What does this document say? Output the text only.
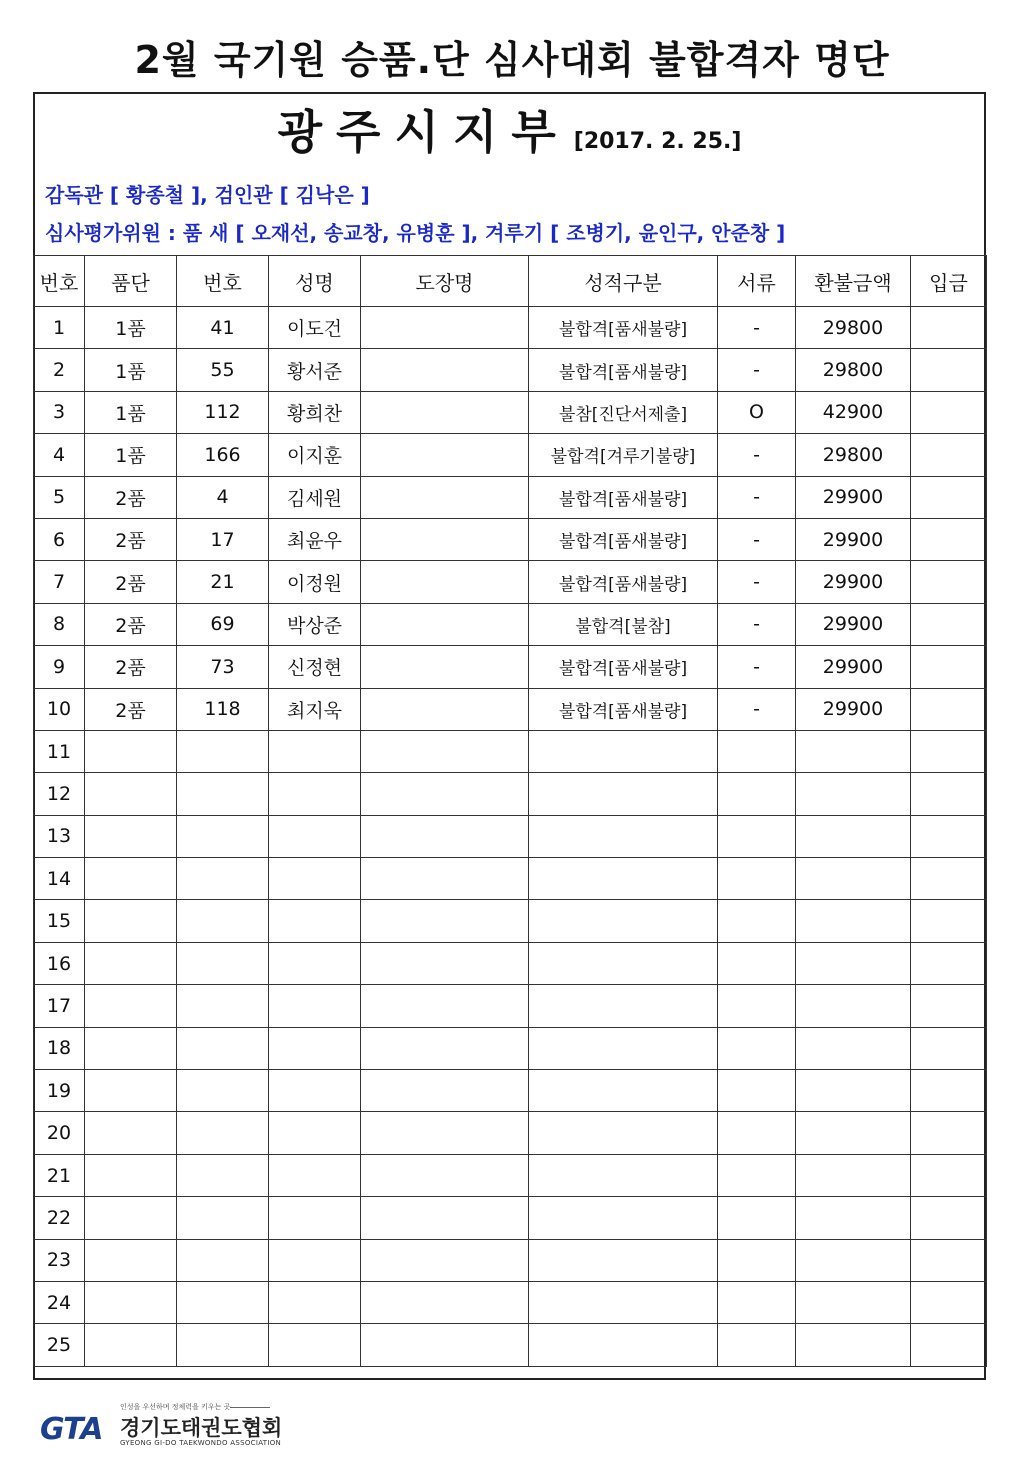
2월 국기원 승품.단 심사대회 불합격자 명단
광주시지부 [2017. 2. 25.]
감독관 [ 황종철 ], 검인관 [ 김낙은 ]
심사평가위원 : 품 새 [ 오재선, 송교창, 유병훈 ], 겨루기 [ 조병기, 윤인구, 안준창 ]
번호	품단	번호	성명	도장명	성적구분	서류	환불금액	입금
1	1품	41	이도건		불합격[품새불량]	-	29800	
2	1품	55	황서준		불합격[품새불량]	-	29800	
3	1품	112	황희찬		불참[진단서제출]	O	42900	
4	1품	166	이지훈		불합격[겨루기불량]	-	29800	
5	2품	4	김세원		불합격[품새불량]	-	29900	
6	2품	17	최윤우		불합격[품새불량]	-	29900	
7	2품	21	이정원		불합격[품새불량]	-	29900	
8	2품	69	박상준		불합격[불참]	-	29900	
9	2품	73	신정현		불합격[품새불량]	-	29900	
10	2품	118	최지욱		불합격[품새불량]	-	29900	
11								
12								
13								
14								
15								
16								
17								
18								
19								
20								
21								
22								
23								
24								
25								
GTA
인성을 우선하며 정체력을 키우는 곳
경기도태권도협회
GYEONG GI-DO TAEKWONDO ASSOCIATION
